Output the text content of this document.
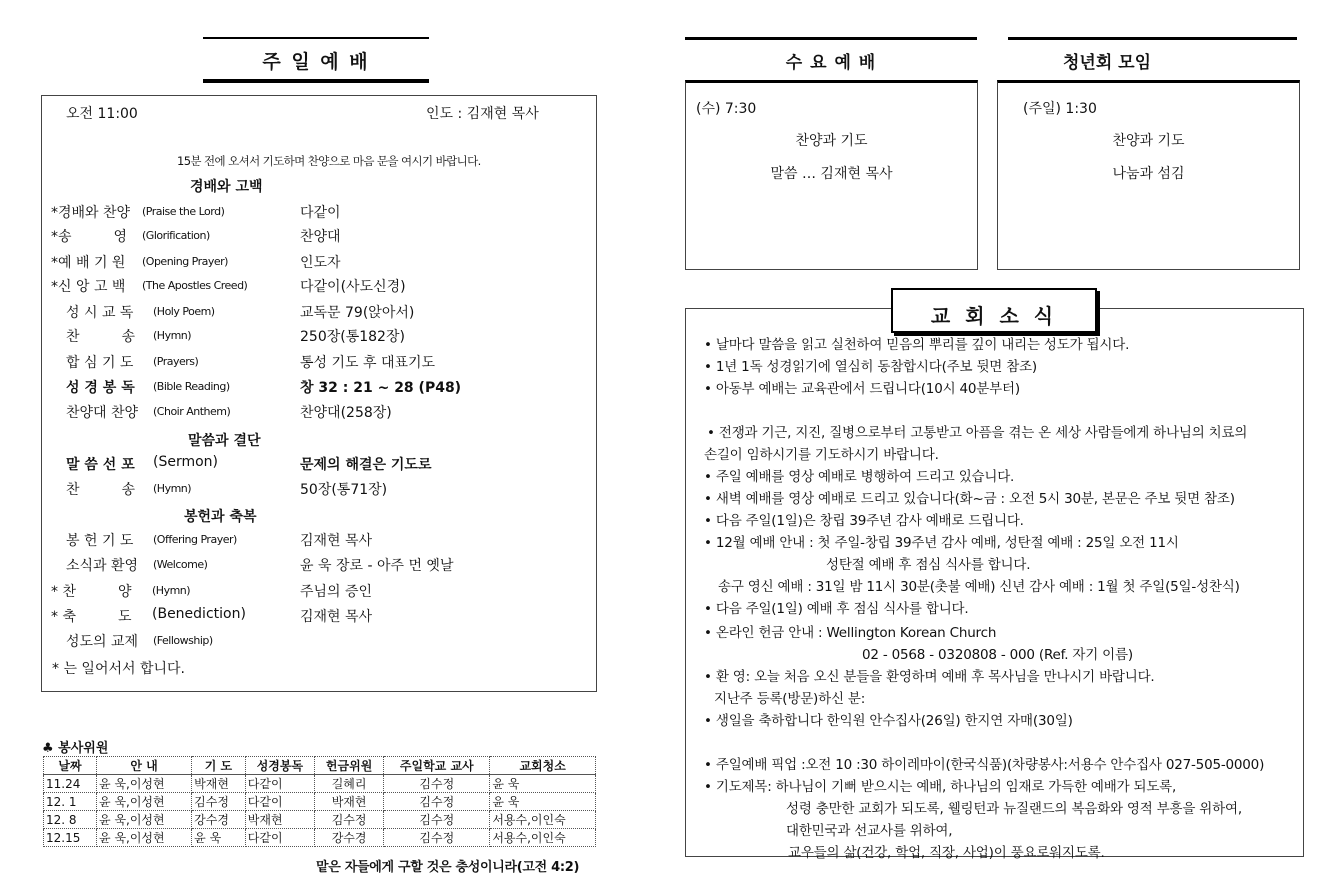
주 일 예 배
오전 11:00	인도 : 김재현 목사
15분 전에 오셔서 기도하며 찬양으로 마음 문을 여시기 바랍니다.
경배와 고백
*경배와 찬양 (Praise the Lord)	다같이
*송　　　영 (Glorification)	찬양대
*예 배 기 원 (Opening Prayer)	인도자
*신 앙 고 백 (The Apostles Creed)	다같이(사도신경)
성 시 교 독 (Holy Poem)	교독문 79(앉아서)
찬　　　송 (Hymn)	250장(통182장)
합 심 기 도 (Prayers)	통성 기도 후 대표기도
성 경 봉 독 (Bible Reading)	창 32 : 21 ~ 28 (P48)
찬양대 찬양 (Choir Anthem)	찬양대(258장)
말 씀 선 포 (Sermon)	문제의 해결은 기도로
찬　　　송 (Hymn)	50장(통71장)
봉 헌 기 도 (Offering Prayer)	김재현 목사
소식과 환영 (Welcome)	윤 욱 장로 - 아주 먼 옛날
* 찬　　　양 (Hymn)	주님의 증인
* 축　　　도 (Benediction)	김재현 목사
성도의 교제 (Fellowship)
말씀과 결단
봉헌과 축복
* 는 일어서서 합니다.
♣ 봉사위원
날짜	안 내	기 도	성경봉독	헌금위원	주일학교 교사	교회청소
11.24	윤 욱,이성현	박재현	다같이	길혜리	김수정	윤 욱
12. 1	윤 욱,이성현	김수정	다같이	박재현	김수정	윤 욱
12. 8	윤 욱,이성현	강수경	박재현	김수정	김수정	서용수,이인숙
12.15	윤 욱,이성현	윤 욱	다같이	강수경	김수정	서용수,이인숙
맡은 자들에게 구할 것은 충성이니라(고전 4:2)
수 요 예 배
(수) 7:30
찬양과 기도
말씀 … 김재현 목사
청년회 모임
(주일) 1:30
찬양과 기도
나눔과 섬김
교 회 소 식
• 날마다 말씀을 읽고 실천하여 믿음의 뿌리를 깊이 내리는 성도가 됩시다.
• 1년 1독 성경읽기에 열심히 동참합시다(주보 뒷면 참조)
• 아동부 예배는 교육관에서 드립니다(10시 40분부터)
• 전쟁과 기근, 지진, 질병으로부터 고통받고 아픔을 겪는 온 세상 사람들에게 하나님의 치료의
손길이 임하시기를 기도하시기 바랍니다.
• 주일 예배를 영상 예배로 병행하여 드리고 있습니다.
• 새벽 예배를 영상 예배로 드리고 있습니다(화~금 : 오전 5시 30분, 본문은 주보 뒷면 참조)
• 다음 주일(1일)은 창립 39주년 감사 예배로 드립니다.
• 12월 예배 안내 : 첫 주일-창립 39주년 감사 예배, 성탄절 예배 : 25일 오전 11시
성탄절 예배 후 점심 식사를 합니다.
송구 영신 예배 : 31일 밤 11시 30분(촛불 예배) 신년 감사 예배 : 1월 첫 주일(5일-성찬식)
• 다음 주일(1일) 예배 후 점심 식사를 합니다.
• 온라인 헌금 안내 : Wellington Korean Church
02 - 0568 - 0320808 - 000 (Ref. 자기 이름)
• 환 영: 오늘 처음 오신 분들을 환영하며 예배 후 목사님을 만나시기 바랍니다.
지난주 등록(방문)하신 분:
• 생일을 축하합니다 한익원 안수집사(26일) 한지연 자매(30일)
• 주일예배 픽업 :오전 10 :30 하이레마이(한국식품)(차량봉사:서용수 안수집사 027-505-0000)
• 기도제목: 하나님이 기뻐 받으시는 예배, 하나님의 임재로 가득한 예배가 되도록,
성령 충만한 교회가 되도록, 웰링턴과 뉴질랜드의 복음화와 영적 부흥을 위하여,
대한민국과 선교사를 위하여,
교우들의 삶(건강, 학업, 직장, 사업)이 풍요로워지도록.
